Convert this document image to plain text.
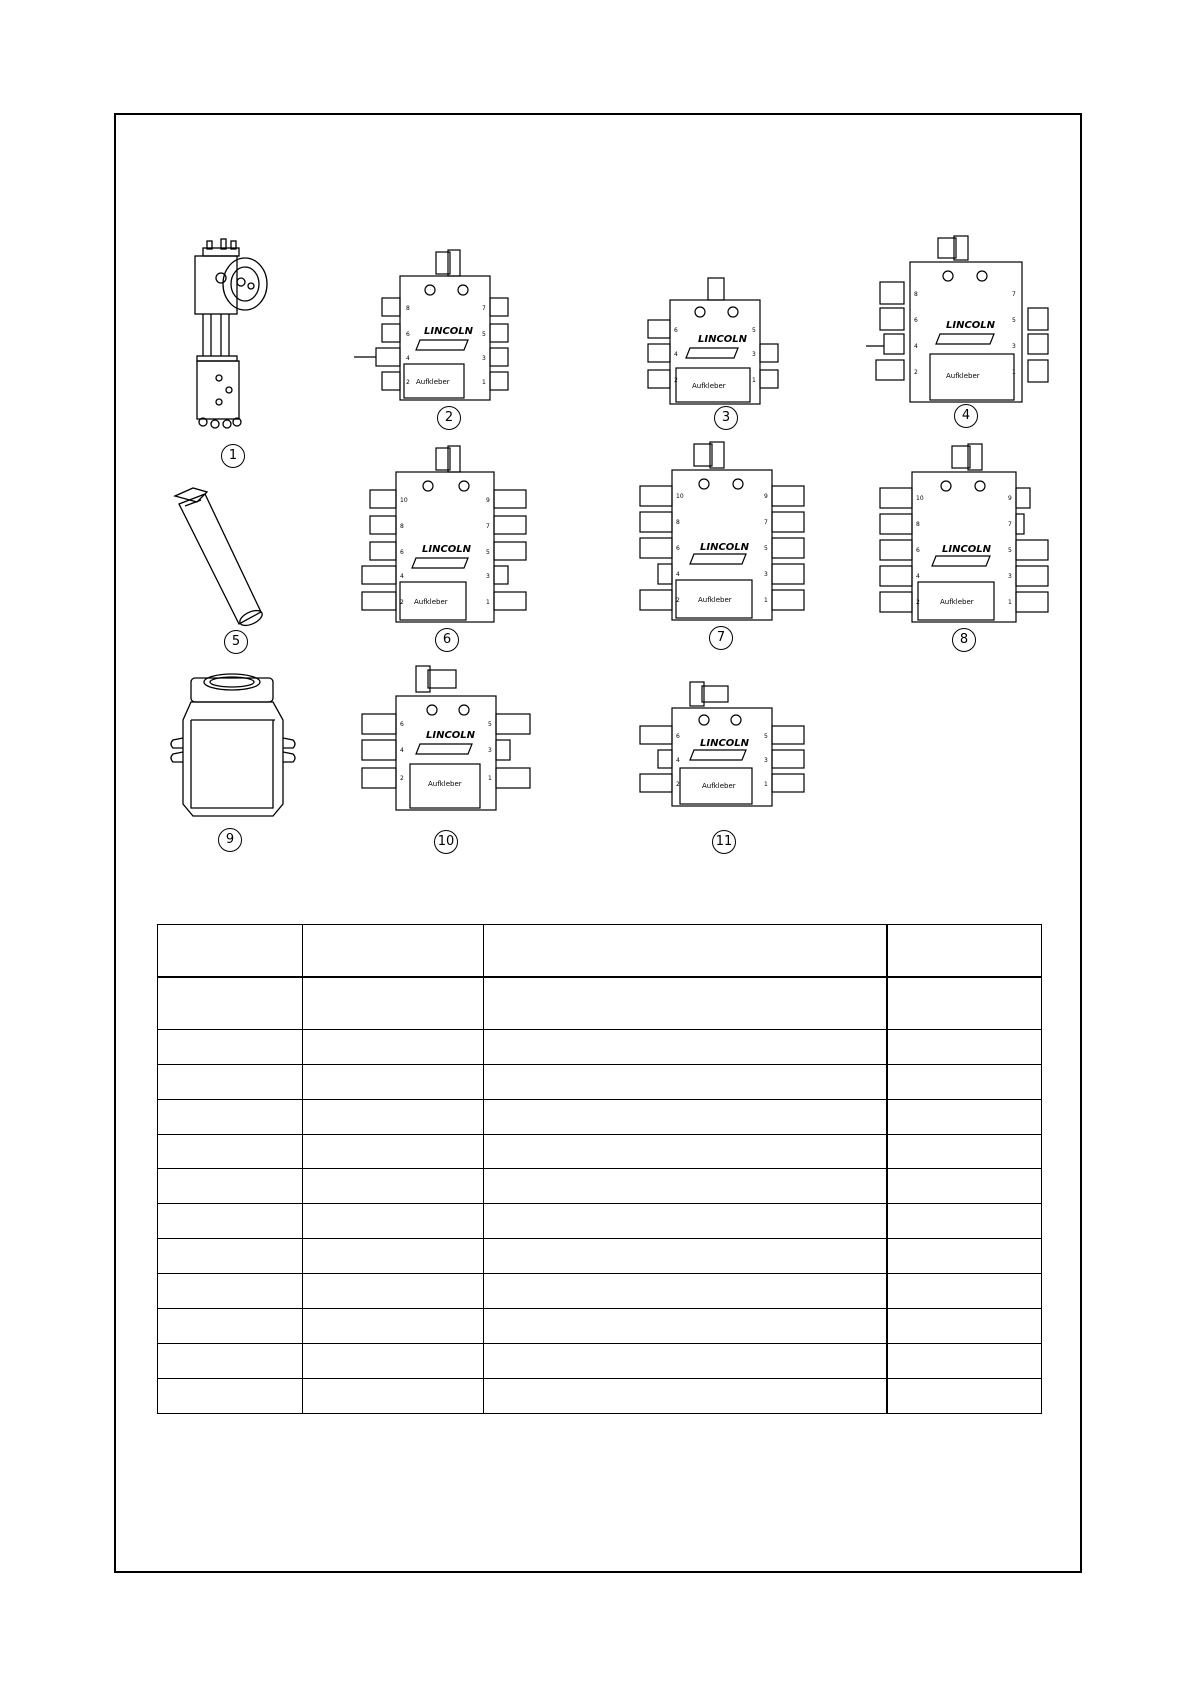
1
5
9
LINCOLN
Aufkleber
8
6
4
2
7
5
3
1
2
LINCOLN
Aufkleber
6
4
2
5
3
1
3
LINCOLN
Aufkleber
8
6
4
2
7
5
3
1
4
LINCOLN
Aufkleber
10
8
6
4
2
9
7
5
3
1
6
LINCOLN
Aufkleber
10
8
6
4
2
9
7
5
3
1
7
LINCOLN
Aufkleber
10
8
6
4
2
9
7
5
3
1
8
LINCOLN
Aufkleber
6
4
2
5
3
1
10
LINCOLN
Aufkleber
6
4
2
5
3
1
11
